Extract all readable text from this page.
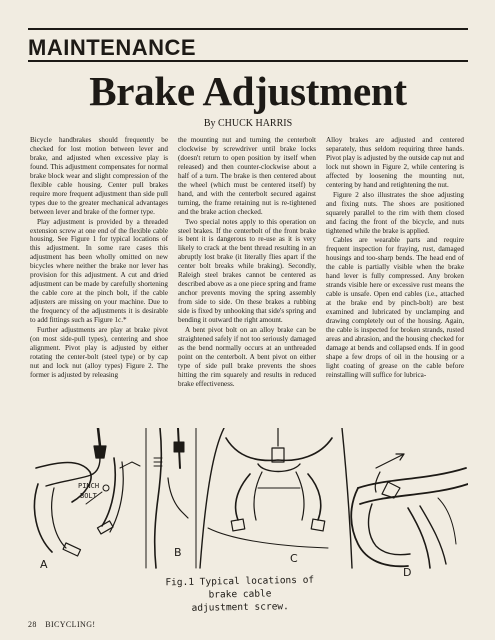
MAINTENANCE
Brake Adjustment
By CHUCK HARRIS

Bicycle handbrakes should frequently be checked for lost motion between lever and brake, and adjusted when excessive play is found. This adjustment compensates for normal brake block wear and slight compression of the flexible cable housing. Center pull brakes require more frequent adjustment than side pull types due to the greater mechanical advantages between lever and brake of the former type.

Play adjustment is provided by a threaded extension screw at one end of the flexible cable housing. See Figure 1 for typical locations of this adjustment. In some rare cases this adjustment has been wholly omitted on new bicycles where neither the brake nor lever has provision for this adjustment. A cut and dried adjustment can be made by carefully shortening the cable core at the pinch bolt, if the cable adjusters are missing on your machine. Due to the frequency of the adjustments it is desirable to add fittings such as Figure 1c.*

Further adjustments are play at brake pivot (on most side-pull types), centering and shoe alignment. Pivot play is adjusted by either rotating the center-bolt (steel type) or by cap nut and lock nut (alloy types) Figure 2. The former is adjusted by releasing

the mounting nut and turning the centerbolt clockwise by screwdriver until brake locks (doesn't return to open position by itself when released) and then counter-clockwise about a half of a turn. The brake is then centered about the wheel (which must be centered itself) by hand, and with the centerbolt secured against turning, the frame retaining nut is re-tightened and the brake action checked.

Two special notes apply to this operation on steel brakes. If the centerbolt of the front brake is bent it is dangerous to re-use as it is very likely to crack at the bent thread resulting in an abruptly lost brake (it literally flies apart if the center bolt breaks while braking). Secondly, Raleigh steel brakes cannot be centered as described above as a one piece spring and frame anchor prevents moving the spring assembly from side to side. On these brakes a rubbing side is fixed by unhooking that side's spring and bending it outward the right amount.

A bent pivot bolt on an alloy brake can be straightened safely if not too seriously damaged as the bend normally occurs at an unthreaded point on the centerbolt. A bent pivot on either type of side pull brake prevents the shoes hitting the rim squarely and results in reduced brake effectiveness.

Alloy brakes are adjusted and centered separately, thus seldom requiring three hands. Pivot play is adjusted by the outside cap nut and lock nut shown in Figure 2, while centering is affected by loosening the mounting nut, centering by hand and retightening the nut.

Figure 2 also illustrates the shoe adjusting and fixing nuts. The shoes are positioned squarely parallel to the rim with them closed and facing the front of the bicycle, and nuts tightened while the brake is applied.

Cables are wearable parts and require frequent inspection for fraying, rust, damaged housings and too-sharp bends. The head end of the cable is partially visible when the brake hand lever is fully compressed. Any broken strands visible here or excessive rust means the cable is unsafe. Open end cables (i.e., attached at the brake end by pinch-bolt) are best examined and lubricated by unclamping and drawing completely out of the housing. Again, the cable is inspected for broken strands, rusted areas and abrasion, and the housing checked for damage at bends and collapsed ends. If in good shape a few drops of oil in the housing or a light coating of grease on the cable before reinstalling will suffice for lubrica-

PINCH
BOLT
A
B	C
D
Fig.1 Typical locations of brake cable
adjustment screw.
28 BICYCLING!
